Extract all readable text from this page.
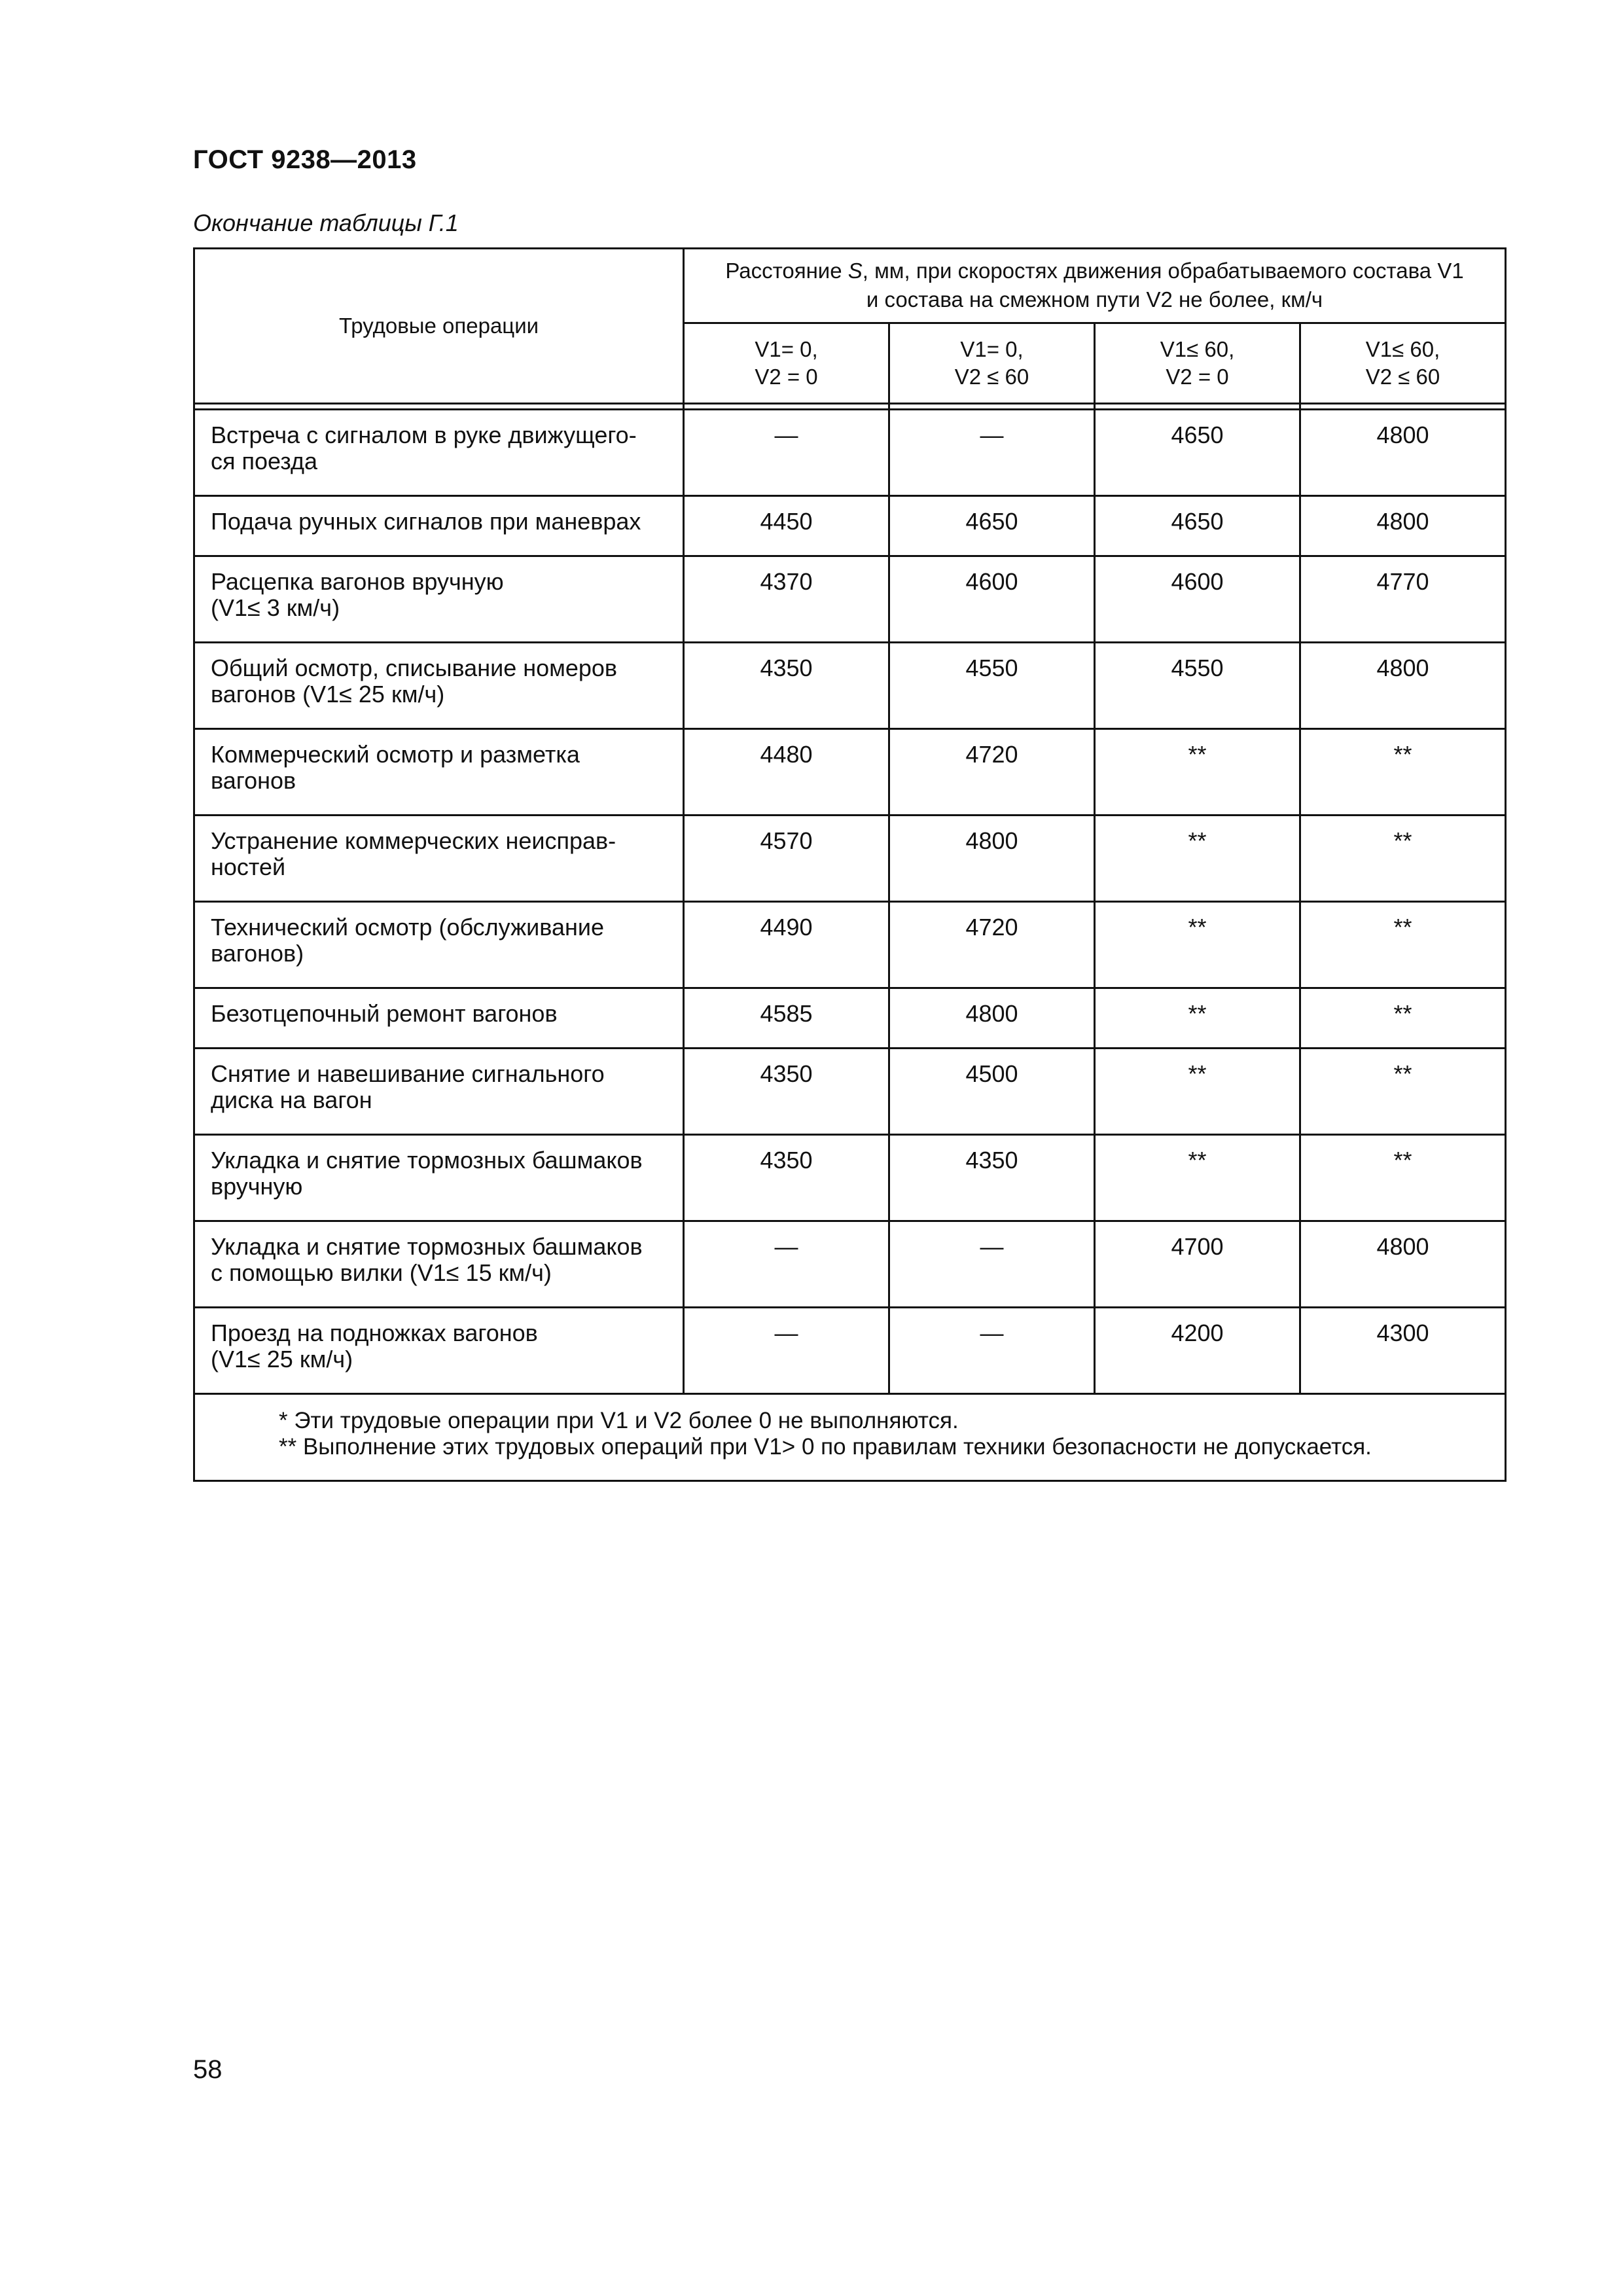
ГОСТ 9238—2013
Окончание таблицы Г.1
Трудовые операции	Расстояние S, мм, при скоростях движения обрабатываемого состава V1
и состава на смежном пути V2 не более, км/ч			
	V1= 0,
V2 = 0	V1= 0,
V2 ≤ 60	V1≤ 60,
V2 = 0	V1≤ 60,
V2 ≤ 60

Встреча с сигналом в руке движущего-
ся поезда	—	—	4650	4800
Подача ручных сигналов при маневрах	4450	4650	4650	4800
Расцепка вагонов вручную
(V1≤ 3 км/ч)	4370	4600	4600	4770
Общий осмотр, списывание номеров
вагонов (V1≤ 25 км/ч)	4350	4550	4550	4800
Коммерческий осмотр и разметка
вагонов	4480	4720	**	**
Устранение коммерческих неисправ-
ностей	4570	4800	**	**
Технический осмотр (обслуживание
вагонов)	4490	4720	**	**
Безотцепочный ремонт вагонов	4585	4800	**	**
Снятие и навешивание сигнального
диска на вагон	4350	4500	**	**
Укладка и снятие тормозных башмаков
вручную	4350	4350	**	**
Укладка и снятие тормозных башмаков
с помощью вилки (V1≤ 15 км/ч)	—	—	4700	4800
Проезд на подножках вагонов
(V1≤ 25 км/ч)	—	—	4200	4300

* Эти трудовые операции при V1 и V2 более 0 не выполняются.
** Выполнение этих трудовых операций при V1> 0 по правилам техники безопасности не допускается.				
58
